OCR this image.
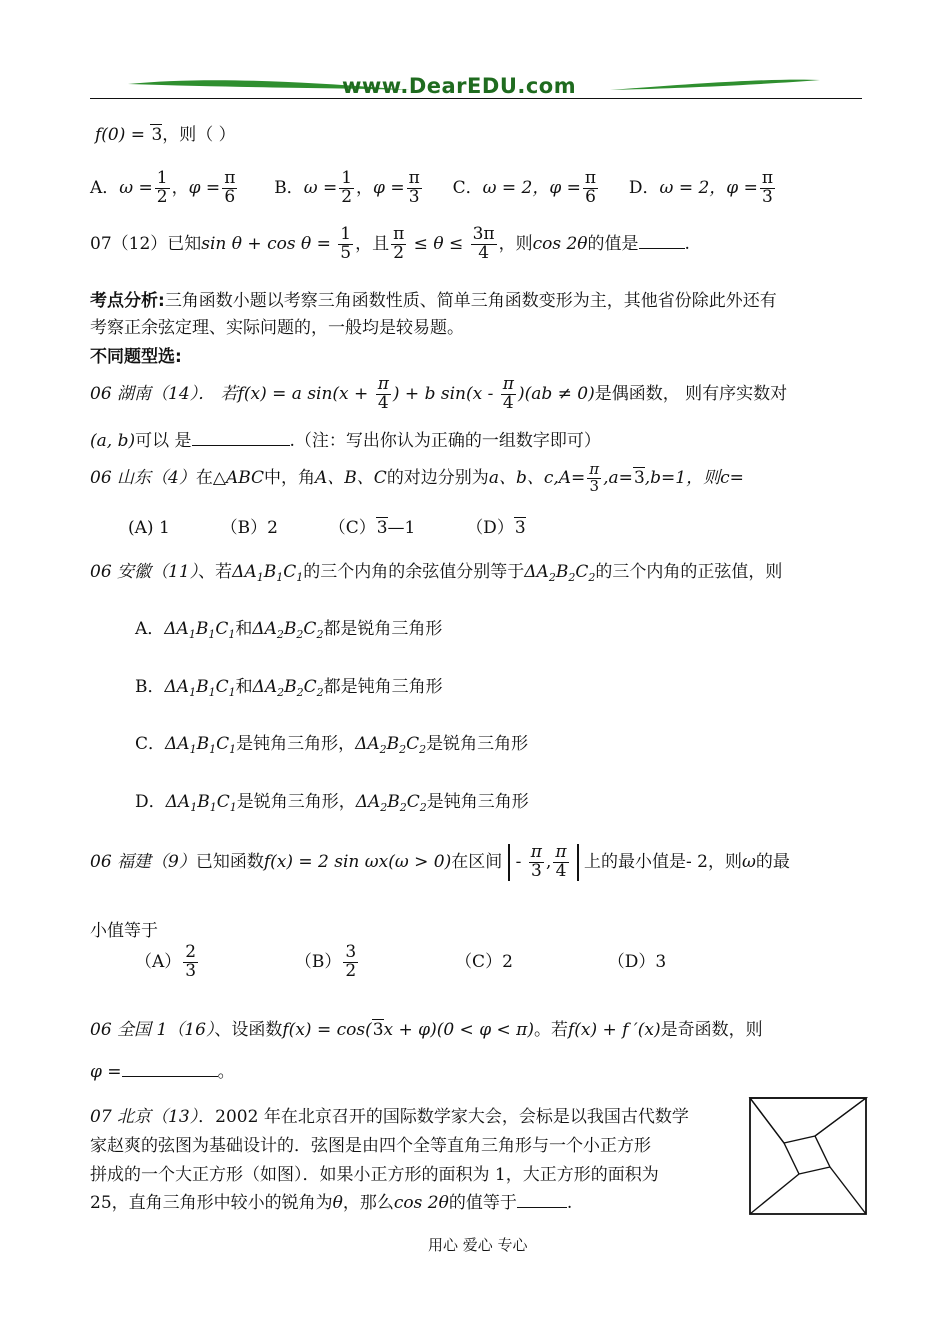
www.DearEDU.com
f(0) = 3，则（ ）
A．$\omega = \frac{1}{2}$ ，$\varphi = \frac{\pi}{6}$ B．$\omega = \frac{1}{2}$ ，$\varphi = \frac{\pi}{3}$ C．ω = 2，$\varphi = \frac{\pi}{6}$ D．ω = 2，$\varphi = \frac{\pi}{3}$
07（12）已知$\sin \theta + \cos \theta = \frac{1}{5}$ ，且 $\frac{\pi}{2} \le \theta \le \frac{3\pi}{4}$ ，则cos 2θ的值是	.
考点分析:三角函数小题以考察三角函数性质、简单三角函数变形为主，其他省份除此外还有
考察正余弦定理、实际问题的，一般均是较易题。
不同题型选:
06 湖南（14）． 若f(x) = a $\sin(x + \frac{\pi}{4}$ ) + b $\sin(x - \frac{\pi}{4} )(ab \ne 0)$是偶函数， 则有序实数对
(a, b)可以 是	.（注：写出你认为正确的一组数字即可）
06 山东（4）在△ABC中，角A、B、C的对边分别为a、b、$c,A= \frac{\pi}{3} ,a=3,b=1$，则c=
(A) 1	（B）2	（C）3—1	（D）3
06 安徽（11）、若$\Delta A_1B_1C_1$的三个内角的余弦值分别等于$\Delta A_2B_2C_2$的三个内角的正弦值，则
A．$\Delta A_1B_1C_1$和$\Delta A_2B_2C_2$都是锐角三角形
B．$\Delta A_1B_1C_1$和$\Delta A_2B_2C_2$都是钝角三角形
C．$\Delta A_1B_1C_1$是钝角三角形，$\Delta A_2B_2C_2$是锐角三角形
D．$\Delta A_1B_1C_1$是锐角三角形，$\Delta A_2B_2C_2$是钝角三角形
06 福建（9）已知函数f(x) = 2 sin ωx(ω > 0)在区间 - $\frac{\pi}{3}$ , $\frac{\pi}{4}$ 上的最小值是- 2，则ω的最
小值等于
$(A) \frac{2}{3}$	$(B) \frac{3}{2}$	（C）2	（D）3
06 全国 1（16）、设函数f(x) = cos(3x + φ)(0 < φ < π)。若f(x) + f ′(x)是奇函数，则
φ =	。
07 北京（13）．2002 年在北京召开的国际数学家大会，会标是以我国古代数学
家赵爽的弦图为基础设计的．弦图是由四个全等直角三角形与一个小正方形
拼成的一个大正方形（如图）．如果小正方形的面积为 1，大正方形的面积为
25，直角三角形中较小的锐角为θ，那么cos 2θ的值等于	.
用心 爱心 专心
